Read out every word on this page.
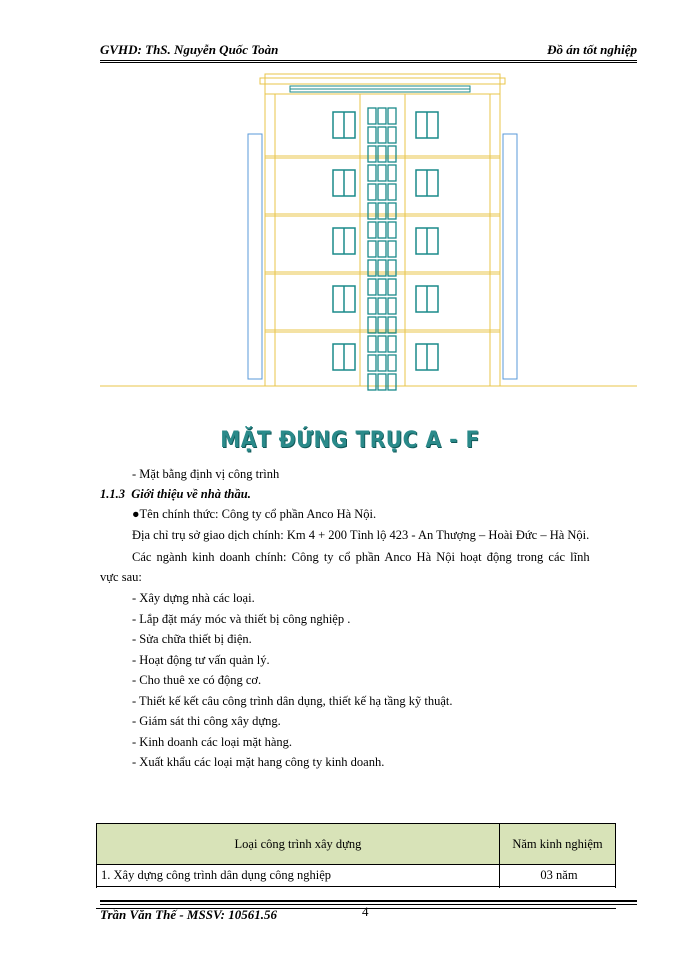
GVHD: ThS. Nguyễn Quốc Toàn	Đồ án tốt nghiệp
MẶT ĐỨNG TRỤC A - F
- Mặt bằng định vị công trình
1.1.3 Giới thiệu về nhà thầu.
●Tên chính thức: Công ty cổ phần Anco Hà Nội.
Địa chỉ trụ sở giao dịch chính: Km 4 + 200 Tỉnh lộ 423 - An Thượng – Hoài Đức – Hà Nội.
Các ngành kinh doanh chính: Công ty cổ phần Anco Hà Nội hoạt động trong các lĩnh
vực sau:
- Xây dựng nhà các loại.
- Lắp đặt máy móc và thiết bị công nghiệp .
- Sửa chữa thiết bị điện.
- Hoạt động tư vấn quản lý.
- Cho thuê xe có động cơ.
- Thiết kế kết câu công trình dân dụng, thiết kế hạ tầng kỹ thuật.
- Giám sát thi công xây dựng.
- Kinh doanh các loại mặt hàng.
- Xuất khẩu các loại mặt hang công ty kinh doanh.
Loại công trình xây dựng	Năm kinh nghiệm
1. Xây dựng công trình dân dụng công nghiệp	03 năm

Trần Văn Thế - MSSV: 10561.56	4
